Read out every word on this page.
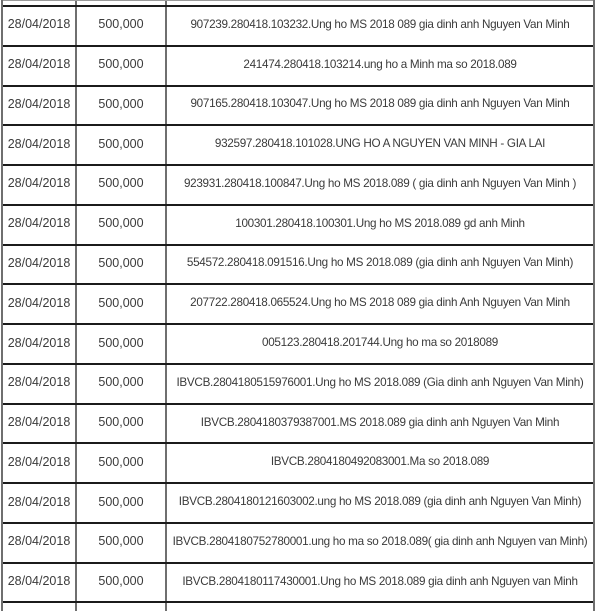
28/04/2018 500,000	907239.280418.103232.Ung ho MS 2018 089 gia dinh anh Nguyen Van Minh
28/04/2018 500,000	241474.280418.103214.ung ho a Minh ma so 2018.089
28/04/2018 500,000	907165.280418.103047.Ung ho MS 2018 089 gia dinh anh Nguyen Van Minh
28/04/2018 500,000	932597.280418.101028.UNG HO A NGUYEN VAN MINH - GIA LAI
28/04/2018 500,000	923931.280418.100847.Ung ho MS 2018.089 ( gia dinh anh Nguyen Van Minh )
28/04/2018 500,000	100301.280418.100301.Ung ho MS 2018.089 gd anh Minh
28/04/2018 500,000	554572.280418.091516.Ung ho MS 2018.089 (gia dinh anh Nguyen Van Minh)
28/04/2018 500,000	207722.280418.065524.Ung ho MS 2018 089 gia dinh Anh Nguyen Van Minh
28/04/2018 500,000	005123.280418.201744.Ung ho ma so 2018089
28/04/2018 500,000	IBVCB.2804180515976001.Ung ho MS 2018.089 (Gia dinh anh Nguyen Van Minh)
28/04/2018 500,000	IBVCB.2804180379387001.MS 2018.089 gia dinh anh Nguyen Van Minh
28/04/2018 500,000	IBVCB.2804180492083001.Ma so 2018.089
28/04/2018 500,000	IBVCB.2804180121603002.ung ho MS 2018.089 (gia dinh anh Nguyen Van Minh)
28/04/2018 500,000 IBVCB.2804180752780001.ung ho ma so 2018.089( gia dinh anh Nguyen van Minh)
28/04/2018 500,000	IBVCB.2804180117430001.Ung ho MS 2018.089 gia dinh anh Nguyen van Minh
